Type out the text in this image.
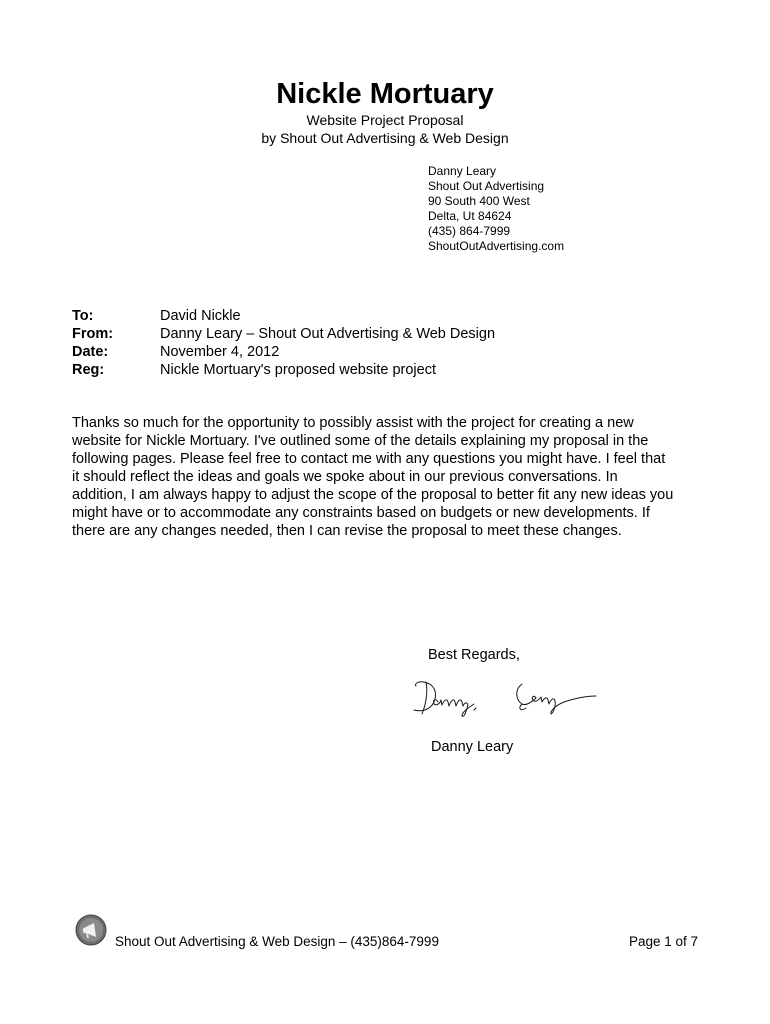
Nickle Mortuary
Website Project Proposal
by Shout Out Advertising & Web Design
Danny Leary
Shout Out Advertising
90 South 400 West
Delta, Ut 84624
(435) 864-7999
ShoutOutAdvertising.com
To:	David Nickle
From:	Danny Leary – Shout Out Advertising & Web Design
Date:	November 4, 2012
Reg:	Nickle Mortuary's proposed website project
Thanks so much for the opportunity to possibly assist with the project for creating a new
website for Nickle Mortuary. I've outlined some of the details explaining my proposal in the
following pages. Please feel free to contact me with any questions you might have. I feel that
it should reflect the ideas and goals we spoke about in our previous conversations. In
addition, I am always happy to adjust the scope of the proposal to better fit any new ideas you
might have or to accommodate any constraints based on budgets or new developments. If
there are any changes needed, then I can revise the proposal to meet these changes.
Best Regards,
Danny Leary
Shout Out Advertising & Web Design – (435)864-7999	Page 1 of 7
